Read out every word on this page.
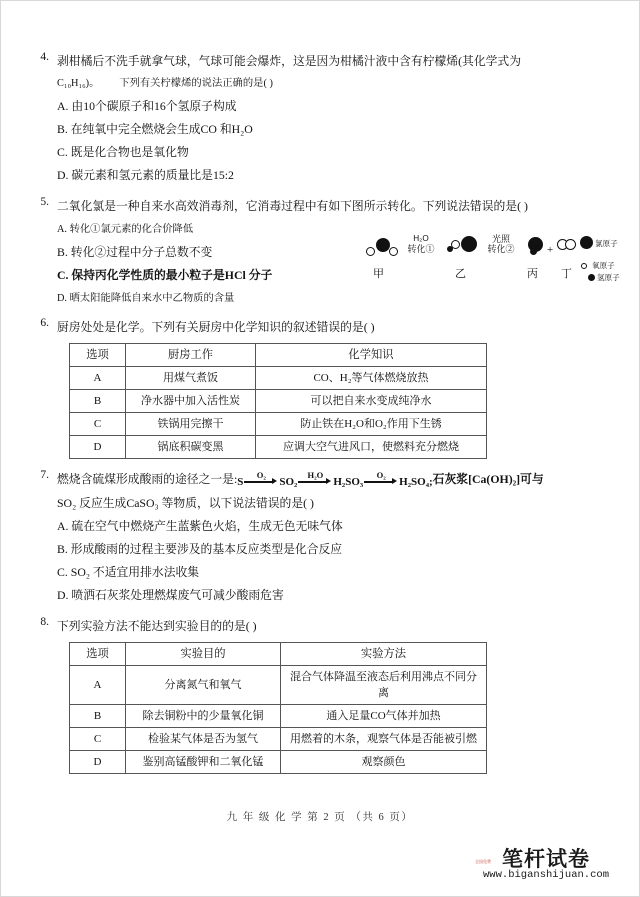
4. 剥柑橘后不洗手就拿气球，气球可能会爆炸，这是因为柑橘汁液中含有柠檬烯(其化学式为
C₁₀H₁₆)。 下列有关柠檬烯的说法正确的是( )
A. 由10个碳原子和16个氢原子构成
B. 在纯氧中完全燃烧会生成CO 和H₂O
C. 既是化合物也是氧化物
D. 碳元素和氢元素的质量比是15:2
5. 二氧化氯是一种自来水高效消毒剂，它消毒过程中有如下图所示转化。下列说法错误的是( )
A. 转化①氯元素的化合价降低
B. 转化②过程中分子总数不变
C. 保持丙化学性质的最小粒子是HCl 分子
D. 晒太阳能降低自来水中乙物质的含量
甲
H₂O
转化①
乙
光照
转化②
丙
+
丁
氯原子
氧原子
氢原子
6. 厨房处处是化学。下列有关厨房中化学知识的叙述错误的是( )
选项	厨房工作	化学知识
A	用煤气煮饭	CO、H₂等气体燃烧放热
B	净水器中加入活性炭	可以把自来水变成纯净水
C	铁锅用完擦干	防止铁在H₂O和O₂作用下生锈
D	锅底积碳变黑	应调大空气进风口，使燃料充分燃烧
7. 燃烧含硫煤形成酸雨的途径之一是:S
O₂
SO₂
H₂O
H₂SO₃
O₂
H₂SO₄;石灰浆[Ca(OH)₂]可与
SO₂ 反应生成CaSO₃ 等物质，以下说法错误的是( )
A. 硫在空气中燃烧产生蓝紫色火焰，生成无色无味气体
B. 形成酸雨的过程主要涉及的基本反应类型是化合反应
C. SO₂ 不适宜用排水法收集
D. 喷洒石灰浆处理燃煤废气可减少酸雨危害
8. 下列实验方法不能达到实验目的的是( )
选项	实验目的	实验方法
A	分离氮气和氧气	混合气体降温至液态后利用沸点不同分离
B	除去铜粉中的少量氧化铜	通入足量CO气体并加热
C	检验某气体是否为氢气	用燃着的木条，观察气体是否能被引燃
D	鉴别高锰酸钾和二氧化锰	观察颜色
九 年 级 化 学 第 2 页 （共 6 页）
全国免费 笔杆试卷
www.biganshijuan.com
